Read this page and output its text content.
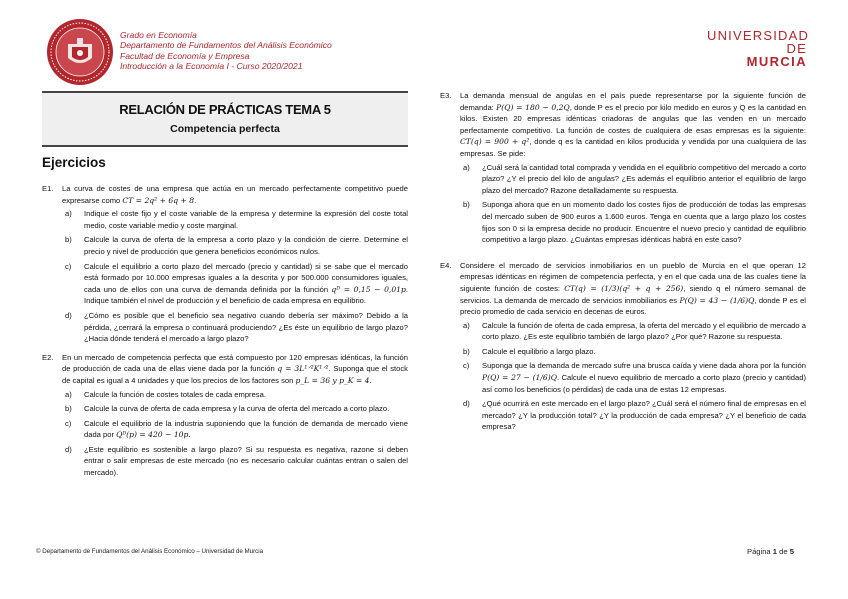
Grado en Economía
Departamento de Fundamentos del Análisis Económico
Facultad de Economía y Empresa
Introducción a la Economía I - Curso 2020/2021
UNIVERSIDAD DE
MURCIA
RELACIÓN DE PRÁCTICAS TEMA 5
Competencia perfecta
Ejercicios
E1. La curva de costes de una empresa que actúa en un mercado perfectamente competitivo puede expresarse como CT = 2q² + 6q + 8.
a) Indique el coste fijo y el coste variable de la empresa y determine la expresión del coste total medio, coste variable medio y coste marginal.
b) Calcule la curva de oferta de la empresa a corto plazo y la condición de cierre. Determine el precio y nivel de producción que genera beneficios económicos nulos.
c) Calcule el equilibrio a corto plazo del mercado (precio y cantidad) si se sabe que el mercado está formado por 10.000 empresas iguales a la descrita y por 500.000 consumidores iguales, cada uno de ellos con una curva de demanda definida por la función qᴰ = 0,15 − 0,01p. Indique también el nivel de producción y el beneficio de cada empresa en equilibrio.
d) ¿Cómo es posible que el beneficio sea negativo cuando debería ser máximo? Debido a la pérdida, ¿cerrará la empresa o continuará produciendo? ¿Es éste un equilibrio de largo plazo? ¿Hacia dónde tenderá el mercado a largo plazo?
E2. En un mercado de competencia perfecta que está compuesto por 120 empresas idénticas, la función de producción de cada una de ellas viene dada por la función q = 3L¹ᐟ²K¹ᐟ². Suponga que el stock de capital es igual a 4 unidades y que los precios de los factores son p_L = 36 y p_K = 4.
a) Calcule la función de costes totales de cada empresa.
b) Calcule la curva de oferta de cada empresa y la curva de oferta del mercado a corto plazo.
c) Calcule el equilibrio de la industria suponiendo que la función de demanda de mercado viene dada por Qᴰ(p) = 420 − 10p.
d) ¿Este equilibrio es sostenible a largo plazo? Si su respuesta es negativa, razone si deben entrar o salir empresas de este mercado (no es necesario calcular cuántas entran o salen del mercado).
E3. La demanda mensual de angulas en el país puede representarse por la siguiente función de demanda: P(Q) = 180 − 0,2Q, donde P es el precio por kilo medido en euros y Q es la cantidad en kilos. Existen 20 empresas idénticas criadoras de angulas que las venden en un mercado perfectamente competitivo. La función de costes de cualquiera de esas empresas es la siguiente: CT(q) = 900 + q², donde q es la cantidad en kilos producida y vendida por una cualquiera de las empresas. Se pide:
a) ¿Cuál será la cantidad total comprada y vendida en el equilibrio competitivo del mercado a corto plazo? ¿Y el precio del kilo de angulas? ¿Es además el equilibrio anterior el equilibrio de largo plazo del mercado? Razone detalladamente su respuesta.
b) Suponga ahora que en un momento dado los costes fijos de producción de todas las empresas del mercado suben de 900 euros a 1.600 euros. Tenga en cuenta que a largo plazo los costes fijos son 0 si la empresa decide no producir. Encuentre el nuevo precio y cantidad de equilibrio competitivo a largo plazo. ¿Cuántas empresas idénticas habrá en este caso?
E4. Considere el mercado de servicios inmobiliarios en un pueblo de Murcia en el que operan 12 empresas idénticas en régimen de competencia perfecta, y en el que cada una de las cuales tiene la siguiente función de costes: CT(q) = (1/3)(q² + q + 256), siendo q el número semanal de servicios. La demanda de mercado de servicios inmobiliarios es P(Q) = 43 − (1/6)Q, donde P es el precio promedio de cada servicio en decenas de euros.
a) Calcule la función de oferta de cada empresa, la oferta del mercado y el equilibrio de mercado a corto plazo. ¿Es este equilibrio también de largo plazo? ¿Por qué? Razone su respuesta.
b) Calcule el equilibrio a largo plazo.
c) Suponga que la demanda de mercado sufre una brusca caída y viene dada ahora por la función P(Q) = 27 − (1/6)Q. Calcule el nuevo equilibrio de mercado a corto plazo (precio y cantidad) así como los beneficios (o pérdidas) de cada una de estas 12 empresas.
d) ¿Qué ocurrirá en este mercado en el largo plazo? ¿Cuál será el número final de empresas en el mercado? ¿Y la producción total? ¿Y la producción de cada empresa? ¿Y el beneficio de cada empresa?
© Departamento de Fundamentos del Análisis Económico – Universidad de Murcia	Página 1 de 5
